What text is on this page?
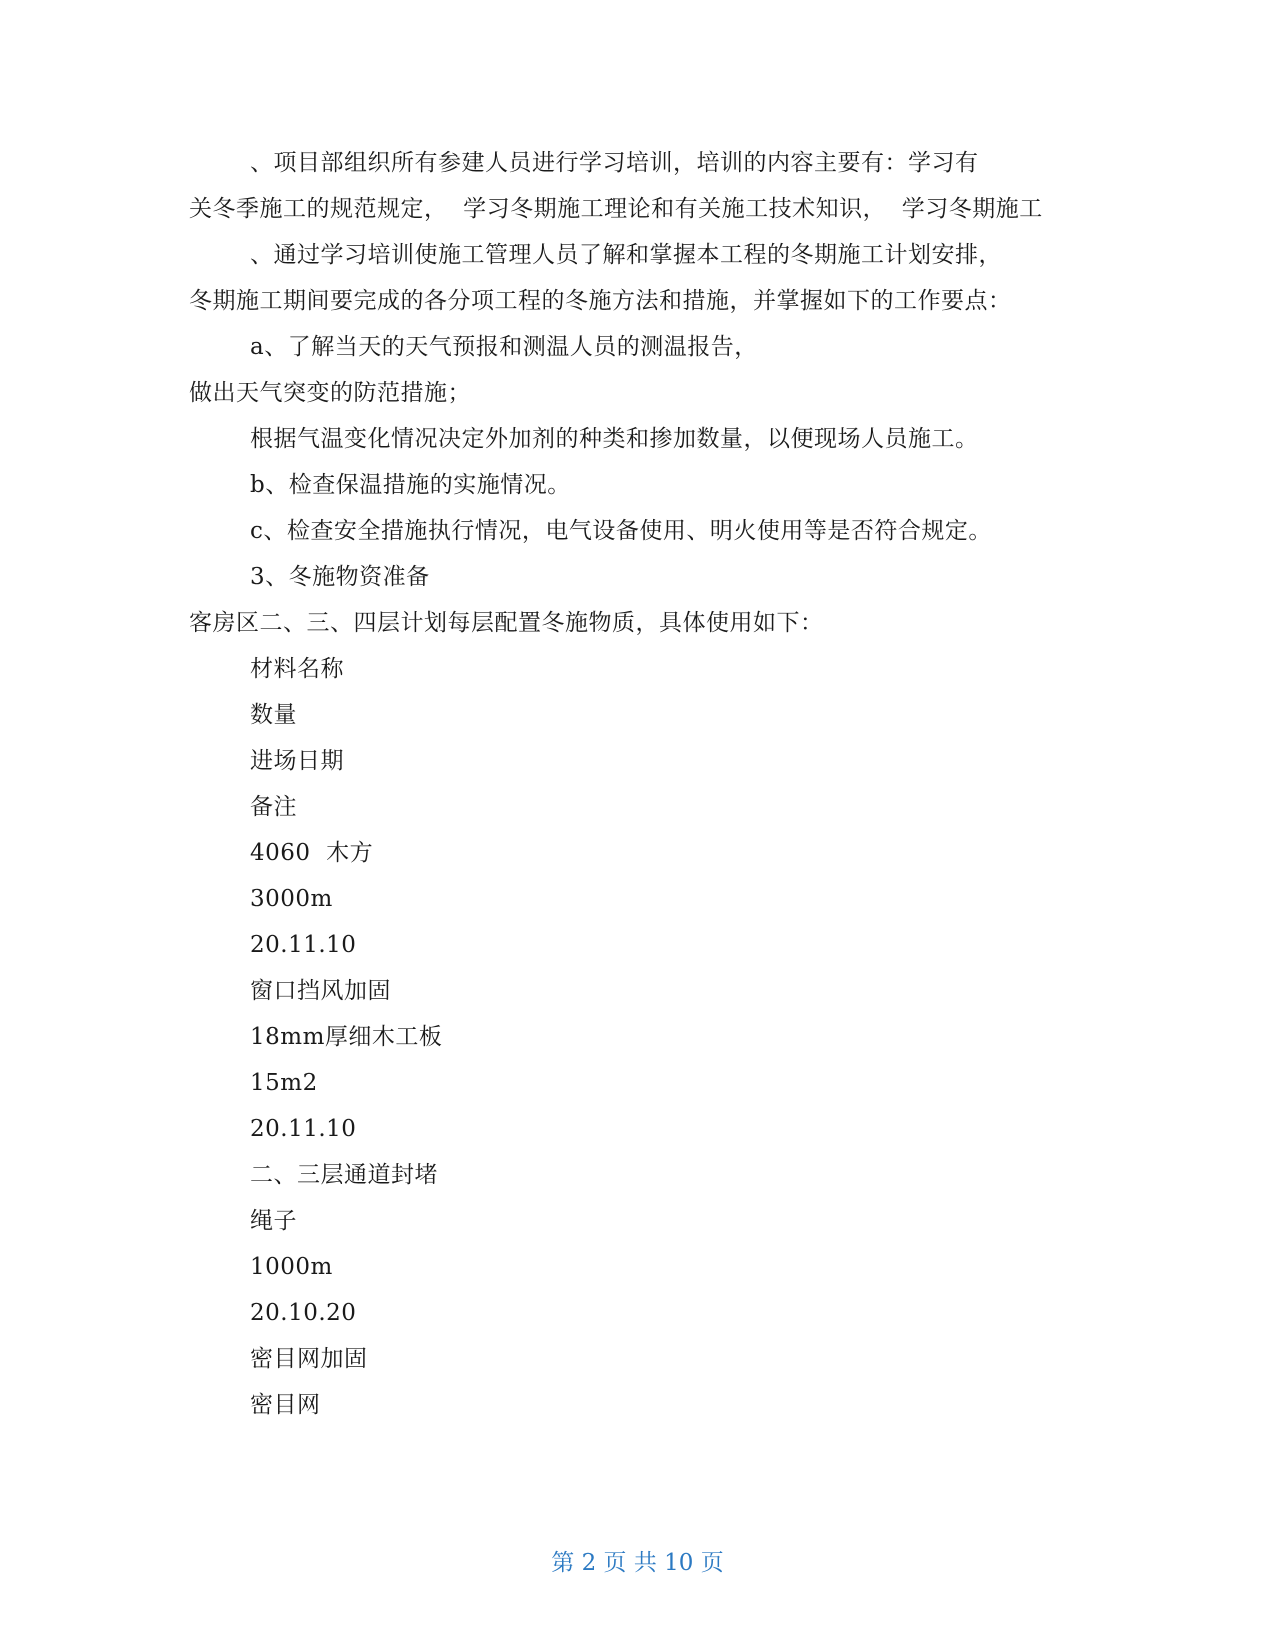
、项目部组织所有参建人员进行学习培训，培训的内容主要有：学习有
关冬季施工的规范规定，  学习冬期施工理论和有关施工技术知识，  学习冬期施工
、通过学习培训使施工管理人员了解和掌握本工程的冬期施工计划安排，
冬期施工期间要完成的各分项工程的冬施方法和措施，并掌握如下的工作要点：
a、了解当天的天气预报和测温人员的测温报告，
做出天气突变的防范措施；
根据气温变化情况决定外加剂的种类和掺加数量，以便现场人员施工。
b、检查保温措施的实施情况。
c、检查安全措施执行情况，电气设备使用、明火使用等是否符合规定。
3、冬施物资准备
客房区二、三、四层计划每层配置冬施物质，具体使用如下：
材料名称
数量
进场日期
备注
4060  木方
3000m
20.11.10
窗口挡风加固
18mm厚细木工板
15m2
20.11.10
二、三层通道封堵
绳子
1000m
20.10.20
密目网加固
密目网
第 2 页 共 10 页
